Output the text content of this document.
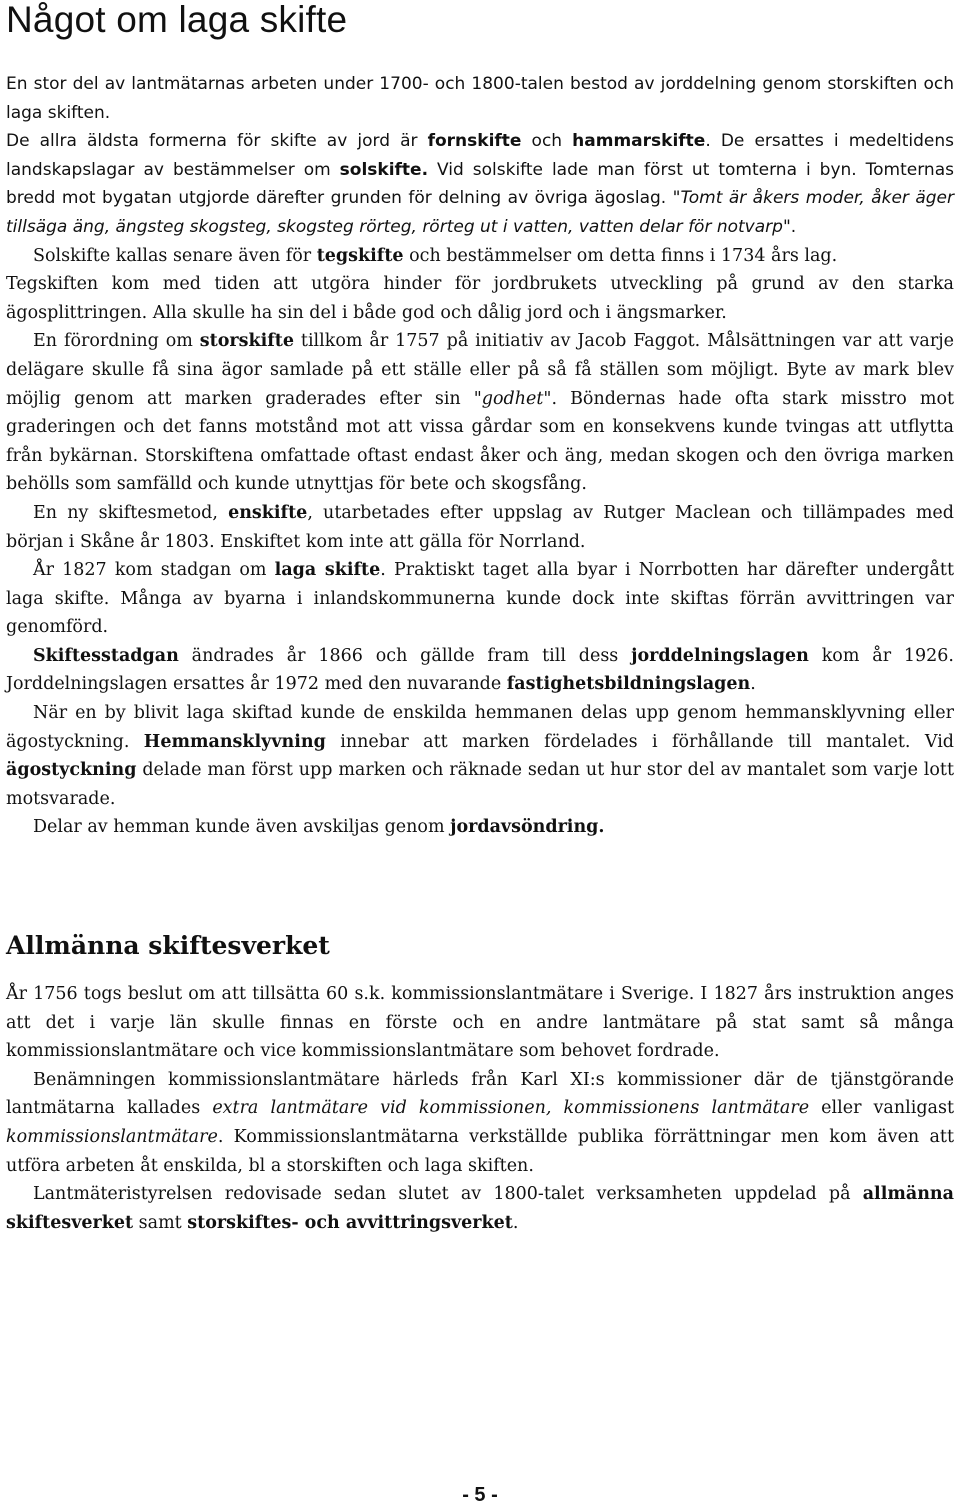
Något om laga skifte

En stor del av lantmätarnas arbeten under 1700- och 1800-talen bestod av jorddelning genom storskiften och laga skiften.

De allra äldsta formerna för skifte av jord är fornskifte och hammarskifte. De ersattes i medeltidens landskapslagar av bestämmelser om solskifte. Vid solskifte lade man först ut tomterna i byn. Tomternas bredd mot bygatan utgjorde därefter grunden för delning av övriga ägoslag. "Tomt är åkers moder, åker äger tillsäga äng, ängsteg skogsteg, skogsteg rörteg, rörteg ut i vatten, vatten delar för notvarp".

Solskifte kallas senare även för tegskifte och bestämmelser om detta finns i 1734 års lag.

Tegskiften kom med tiden att utgöra hinder för jordbrukets utveckling på grund av den starka ägosplittringen. Alla skulle ha sin del i både god och dålig jord och i ängsmarker.

En förordning om storskifte tillkom år 1757 på initiativ av Jacob Faggot. Målsättningen var att varje delägare skulle få sina ägor samlade på ett ställe eller på så få ställen som möjligt. Byte av mark blev möjlig genom att marken graderades efter sin "godhet". Böndernas hade ofta stark misstro mot graderingen och det fanns motstånd mot att vissa gårdar som en konsekvens kunde tvingas att utflytta från bykärnan. Storskiftena omfattade oftast endast åker och äng, medan skogen och den övriga marken behölls som samfälld och kunde utnyttjas för bete och skogsfång.

En ny skiftesmetod, enskifte, utarbetades efter uppslag av Rutger Maclean och tillämpades med början i Skåne år 1803. Enskiftet kom inte att gälla för Norrland.

År 1827 kom stadgan om laga skifte. Praktiskt taget alla byar i Norrbotten har därefter undergått laga skifte. Många av byarna i inlandskommunerna kunde dock inte skiftas förrän avvittringen var genomförd.

Skiftesstadgan ändrades år 1866 och gällde fram till dess jorddelningslagen kom år 1926. Jorddelningslagen ersattes år 1972 med den nuvarande fastighetsbildningslagen.

När en by blivit laga skiftad kunde de enskilda hemmanen delas upp genom hemmansklyvning eller ägostyckning. Hemmansklyvning innebar att marken fördelades i förhållande till mantalet. Vid ägostyckning delade man först upp marken och räknade sedan ut hur stor del av mantalet som varje lott motsvarade.

Delar av hemman kunde även avskiljas genom jordavsöndring.

Allmänna skiftesverket

År 1756 togs beslut om att tillsätta 60 s.k. kommissionslantmätare i Sverige. I 1827 års instruktion anges att det i varje län skulle finnas en förste och en andre lantmätare på stat samt så många kommissionslantmätare och vice kommissionslantmätare som behovet fordrade.

Benämningen kommissionslantmätare härleds från Karl XI:s kommissioner där de tjänstgörande lantmätarna kallades extra lantmätare vid kommissionen, kommissionens lantmätare eller vanligast kommissionslantmätare. Kommissionslantmätarna verkställde publika förrättningar men kom även att utföra arbeten åt enskilda, bl a storskiften och laga skiften.

Lantmäteristyrelsen redovisade sedan slutet av 1800-talet verksamheten uppdelad på allmänna skiftesverket samt storskiftes- och avvittringsverket.

- 5 -
